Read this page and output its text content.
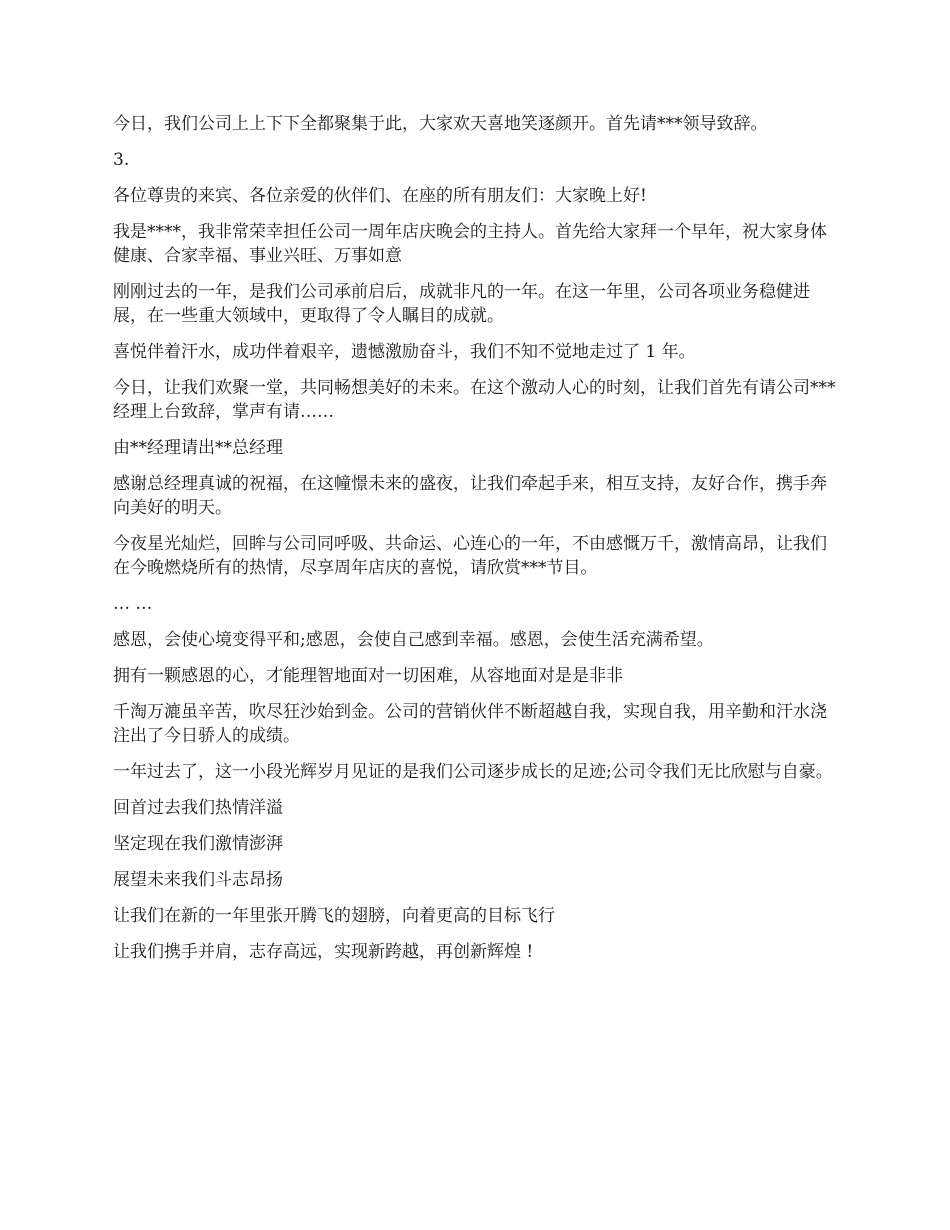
今日，我们公司上上下下全都聚集于此，大家欢天喜地笑逐颜开。首先请***领导致辞。

3.

各位尊贵的来宾、各位亲爱的伙伴们、在座的所有朋友们：大家晚上好!

我是****，我非常荣幸担任公司一周年店庆晚会的主持人。首先给大家拜一个早年，祝大家身体健康、合家幸福、事业兴旺、万事如意

刚刚过去的一年，是我们公司承前启后，成就非凡的一年。在这一年里，公司各项业务稳健进展，在一些重大领域中，更取得了令人瞩目的成就。

喜悦伴着汗水，成功伴着艰辛，遗憾激励奋斗，我们不知不觉地走过了 1 年。

今日，让我们欢聚一堂，共同畅想美好的未来。在这个激动人心的时刻，让我们首先有请公司***经理上台致辞，掌声有请……

由**经理请出**总经理

感谢总经理真诚的祝福，在这幢憬未来的盛夜，让我们牵起手来，相互支持，友好合作，携手奔向美好的明天。

今夜星光灿烂，回眸与公司同呼吸、共命运、心连心的一年，不由感慨万千，激情高昂，让我们在今晚燃烧所有的热情，尽享周年店庆的喜悦，请欣赏***节目。

… …

感恩，会使心境变得平和;感恩，会使自己感到幸福。感恩，会使生活充满希望。

拥有一颗感恩的心，才能理智地面对一切困难，从容地面对是是非非

千淘万漉虽辛苦，吹尽狂沙始到金。公司的营销伙伴不断超越自我，实现自我，用辛勤和汗水浇注出了今日骄人的成绩。

一年过去了，这一小段光辉岁月见证的是我们公司逐步成长的足迹;公司令我们无比欣慰与自豪。

回首过去我们热情洋溢

坚定现在我们激情澎湃

展望未来我们斗志昂扬

让我们在新的一年里张开腾飞的翅膀，向着更高的目标飞行

让我们携手并肩，志存高远，实现新跨越，再创新辉煌 !
